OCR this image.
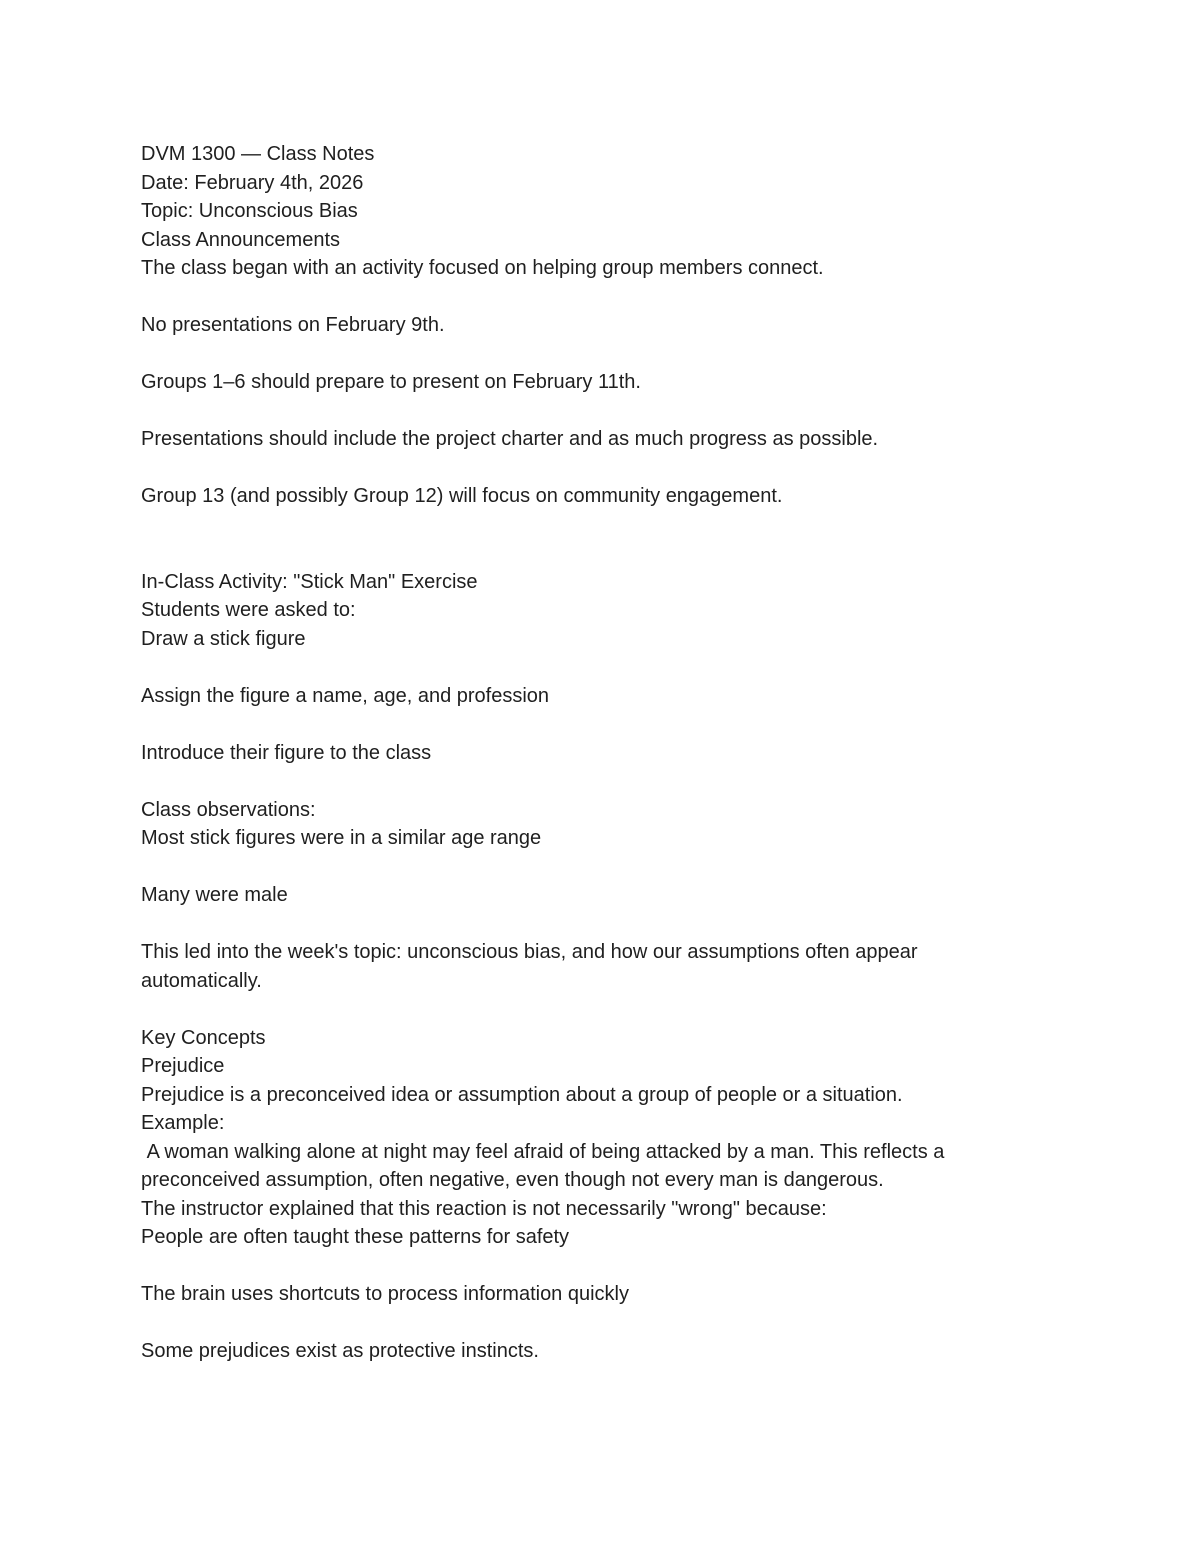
DVM 1300 — Class Notes

Date: February 4th, 2026

Topic: Unconscious Bias

Class Announcements

The class began with an activity focused on helping group members connect.

No presentations on February 9th.

Groups 1–6 should prepare to present on February 11th.

Presentations should include the project charter and as much progress as possible.

Group 13 (and possibly Group 12) will focus on community engagement.

In-Class Activity: "Stick Man" Exercise

Students were asked to:

Draw a stick figure

Assign the figure a name, age, and profession

Introduce their figure to the class

Class observations:

Most stick figures were in a similar age range

Many were male

This led into the week's topic: unconscious bias, and how our assumptions often appear

automatically.

Key Concepts

Prejudice

Prejudice is a preconceived idea or assumption about a group of people or a situation.

Example:

A woman walking alone at night may feel afraid of being attacked by a man. This reflects a

preconceived assumption, often negative, even though not every man is dangerous.

The instructor explained that this reaction is not necessarily "wrong" because:

People are often taught these patterns for safety

The brain uses shortcuts to process information quickly

Some prejudices exist as protective instincts.
